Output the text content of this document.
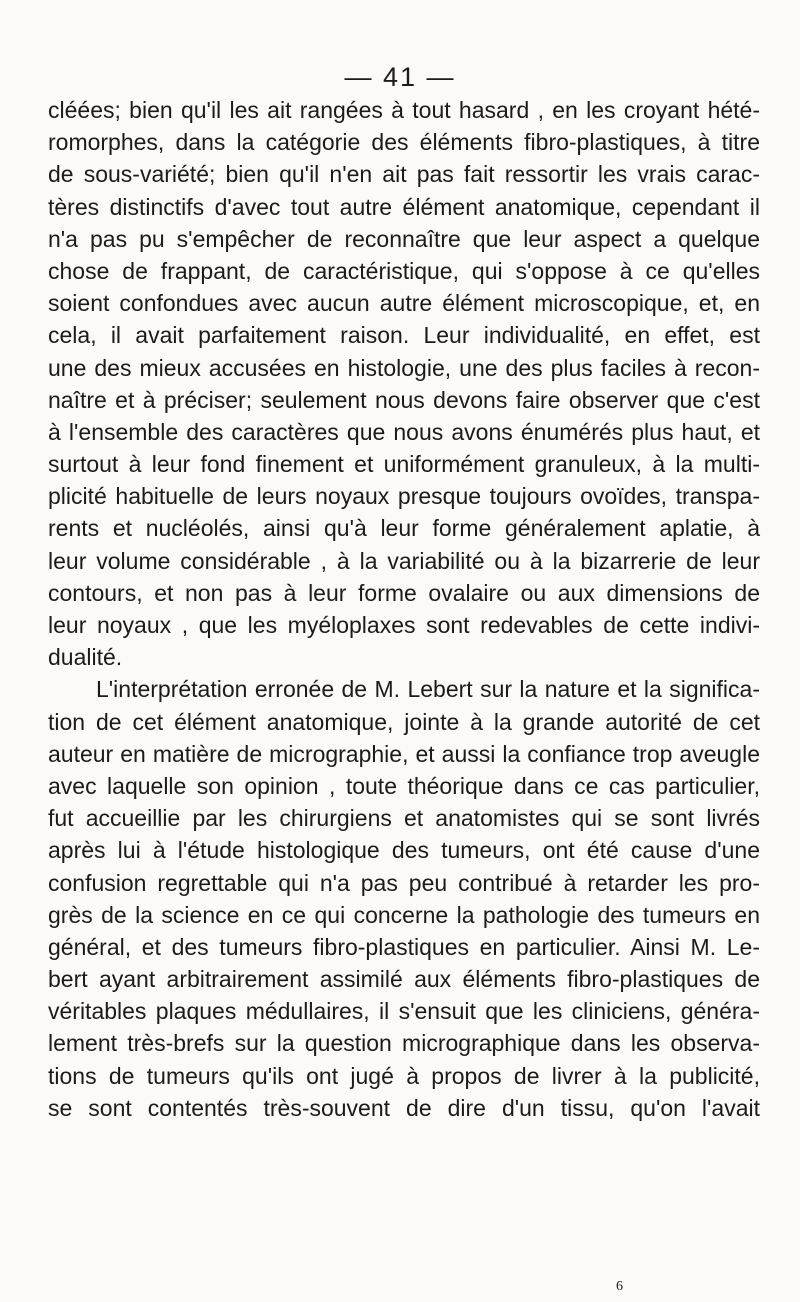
— 41 —
cléées; bien qu'il les ait rangées à tout hasard , en les croyant hété-
romorphes, dans la catégorie des éléments fibro-plastiques, à titre
de sous-variété; bien qu'il n'en ait pas fait ressortir les vrais carac-
tères distinctifs d'avec tout autre élément anatomique, cependant il
n'a pas pu s'empêcher de reconnaître que leur aspect a quelque
chose de frappant, de caractéristique, qui s'oppose à ce qu'elles
soient confondues avec aucun autre élément microscopique, et, en
cela, il avait parfaitement raison. Leur individualité, en effet, est
une des mieux accusées en histologie, une des plus faciles à recon-
naître et à préciser; seulement nous devons faire observer que c'est
à l'ensemble des caractères que nous avons énumérés plus haut, et
surtout à leur fond finement et uniformément granuleux, à la multi-
plicité habituelle de leurs noyaux presque toujours ovoïdes, transpa-
rents et nucléolés, ainsi qu'à leur forme généralement aplatie, à
leur volume considérable , à la variabilité ou à la bizarrerie de leur
contours, et non pas à leur forme ovalaire ou aux dimensions de
leur noyaux , que les myéloplaxes sont redevables de cette indivi-
dualité.
L'interprétation erronée de M. Lebert sur la nature et la significa-
tion de cet élément anatomique, jointe à la grande autorité de cet
auteur en matière de micrographie, et aussi la confiance trop aveugle
avec laquelle son opinion , toute théorique dans ce cas particulier,
fut accueillie par les chirurgiens et anatomistes qui se sont livrés
après lui à l'étude histologique des tumeurs, ont été cause d'une
confusion regrettable qui n'a pas peu contribué à retarder les pro-
grès de la science en ce qui concerne la pathologie des tumeurs en
général, et des tumeurs fibro-plastiques en particulier. Ainsi M. Le-
bert ayant arbitrairement assimilé aux éléments fibro-plastiques de
véritables plaques médullaires, il s'ensuit que les cliniciens, généra-
lement très-brefs sur la question micrographique dans les observa-
tions de tumeurs qu'ils ont jugé à propos de livrer à la publicité,
se sont contentés très-souvent de dire d'un tissu, qu'on l'avait
6
